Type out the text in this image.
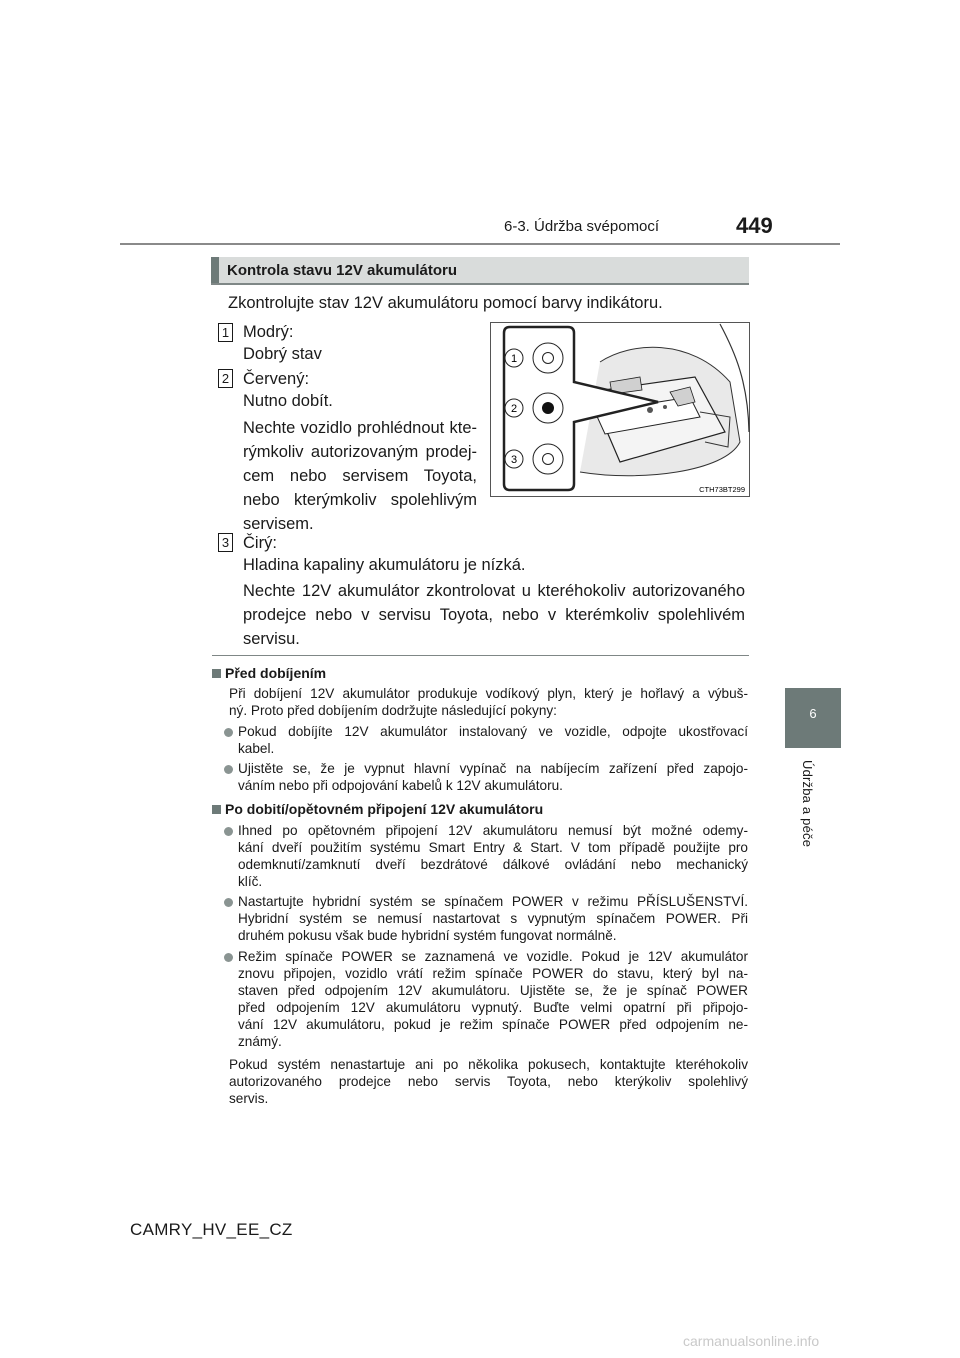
6-3. Údržba svépomocí	449
6
Údržba a péče
Kontrola stavu 12V akumulátoru
Zkontrolujte stav 12V akumulátoru pomocí barvy indikátoru.
1 Modrý:
Dobrý stav
2 Červený:
Nutno dobít.
Nechte vozidlo prohlédnout kte-
rýmkoliv autorizovaným prodej-
cem nebo servisem Toyota,
nebo kterýmkoliv spolehlivým
servisem.
3 Čirý:
Hladina kapaliny akumulátoru je nízká.
Nechte 12V akumulátor zkontrolovat u kteréhokoliv autorizovaného
prodejce nebo v servisu Toyota, nebo v kterémkoliv spolehlivém
servisu.
1
2
3
CTH73BT299
Před dobíjením
Při dobíjení 12V akumulátor produkuje vodíkový plyn, který je hořlavý a výbuš-
ný. Proto před dobíjením dodržujte následující pokyny:
Pokud dobíjíte 12V akumulátor instalovaný ve vozidle, odpojte ukostřovací
kabel.
Ujistěte se, že je vypnut hlavní vypínač na nabíjecím zařízení před zapojo-
váním nebo při odpojování kabelů k 12V akumulátoru.
Po dobití/opětovném připojení 12V akumulátoru
Ihned po opětovném připojení 12V akumulátoru nemusí být možné odemy-
kání dveří použitím systému Smart Entry & Start. V tom případě použijte pro
odemknutí/zamknutí dveří bezdrátové dálkové ovládání nebo mechanický
klíč.
Nastartujte hybridní systém se spínačem POWER v režimu PŘÍSLUŠENSTVÍ.
Hybridní systém se nemusí nastartovat s vypnutým spínačem POWER. Při
druhém pokusu však bude hybridní systém fungovat normálně.
Režim spínače POWER se zaznamená ve vozidle. Pokud je 12V akumulátor
znovu připojen, vozidlo vrátí režim spínače POWER do stavu, který byl na-
staven před odpojením 12V akumulátoru. Ujistěte se, že je spínač POWER
před odpojením 12V akumulátoru vypnutý. Buďte velmi opatrní při připojo-
vání 12V akumulátoru, pokud je režim spínače POWER před odpojením ne-
známý.
Pokud systém nenastartuje ani po několika pokusech, kontaktujte kteréhokoliv
autorizovaného prodejce nebo servis Toyota, nebo kterýkoliv spolehlivý
servis.
CAMRY_HV_EE_CZ
carmanualsonline.info
